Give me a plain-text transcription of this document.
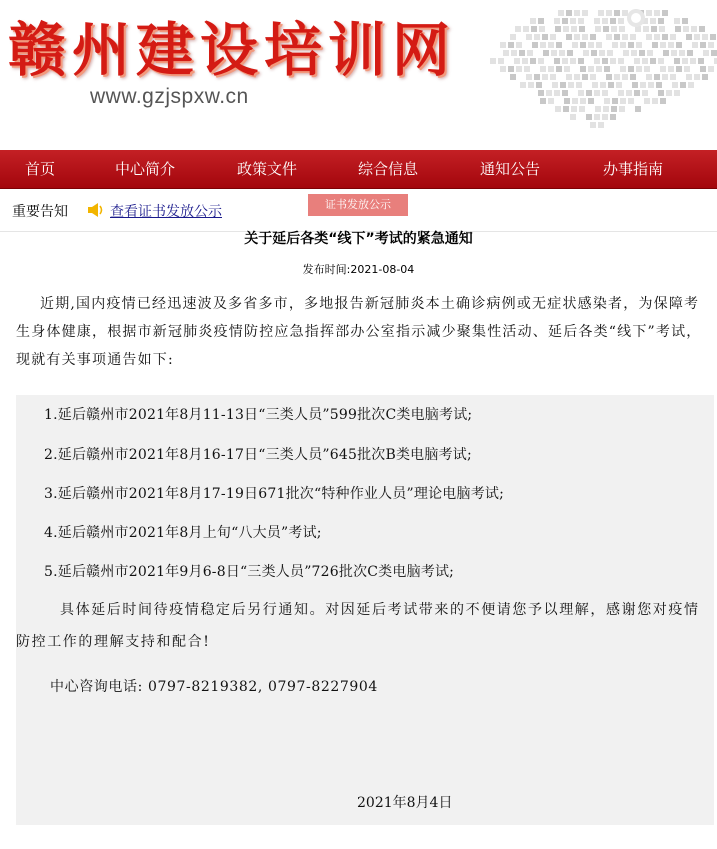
赣州建设培训网
www.gzjspxw.cn
首页	中心简介	政策文件	综合信息	通知公告	办事指南
重要告知	查看证书发放公示	证书发放公示
关于延后各类“线下”考试的紧急通知
发布时间:2021-08-04

近期,国内疫情已经迅速波及多省多市，多地报告新冠肺炎本土确诊病例或无症状感染者，为保障考生身体健康，根据市新冠肺炎疫情防控应急指挥部办公室指示减少聚集性活动、延后各类“线下”考试，现就有关事项通告如下:

1.延后赣州市2021年8月11-13日“三类人员”599批次C类电脑考试;
2.延后赣州市2021年8月16-17日“三类人员”645批次B类电脑考试;
3.延后赣州市2021年8月17-19日671批次“特种作业人员”理论电脑考试;
4.延后赣州市2021年8月上旬“八大员”考试;
5.延后赣州市2021年9月6-8日“三类人员”726批次C类电脑考试;
具体延后时间待疫情稳定后另行通知。对因延后考试带来的不便请您予以理解，感谢您对疫情防控工作的理解支持和配合!
中心咨询电话: 0797-8219382, 0797-8227904
2021年8月4日
